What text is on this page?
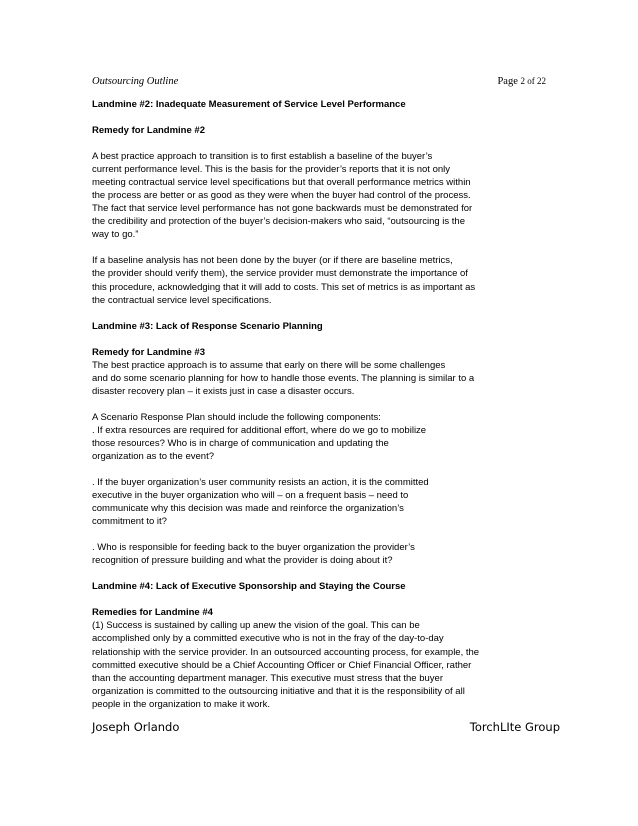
Outsourcing Outline	Page 2 of 22

Landmine #2: Inadequate Measurement of Service Level Performance

Remedy for Landmine #2

A best practice approach to transition is to first establish a baseline of the buyer’s

current performance level. This is the basis for the provider’s reports that it is not only

meeting contractual service level specifications but that overall performance metrics within

the process are better or as good as they were when the buyer had control of the process.

The fact that service level performance has not gone backwards must be demonstrated for

the credibility and protection of the buyer’s decision-makers who said, “outsourcing is the

way to go.”

If a baseline analysis has not been done by the buyer (or if there are baseline metrics,

the provider should verify them), the service provider must demonstrate the importance of

this procedure, acknowledging that it will add to costs. This set of metrics is as important as

the contractual service level specifications.

Landmine #3: Lack of Response Scenario Planning

Remedy for Landmine #3

The best practice approach is to assume that early on there will be some challenges

and do some scenario planning for how to handle those events. The planning is similar to a

disaster recovery plan – it exists just in case a disaster occurs.

A Scenario Response Plan should include the following components:

. If extra resources are required for additional effort, where do we go to mobilize

those resources? Who is in charge of communication and updating the

organization as to the event?

. If the buyer organization’s user community resists an action, it is the committed

executive in the buyer organization who will – on a frequent basis – need to

communicate why this decision was made and reinforce the organization’s

commitment to it?

. Who is responsible for feeding back to the buyer organization the provider’s

recognition of pressure building and what the provider is doing about it?

Landmine #4: Lack of Executive Sponsorship and Staying the Course

Remedies for Landmine #4

(1) Success is sustained by calling up anew the vision of the goal. This can be

accomplished only by a committed executive who is not in the fray of the day-to-day

relationship with the service provider. In an outsourced accounting process, for example, the

committed executive should be a Chief Accounting Officer or Chief Financial Officer, rather

than the accounting department manager. This executive must stress that the buyer

organization is committed to the outsourcing initiative and that it is the responsibility of all

people in the organization to make it work.

Joseph Orlando	TorchLIte Group
